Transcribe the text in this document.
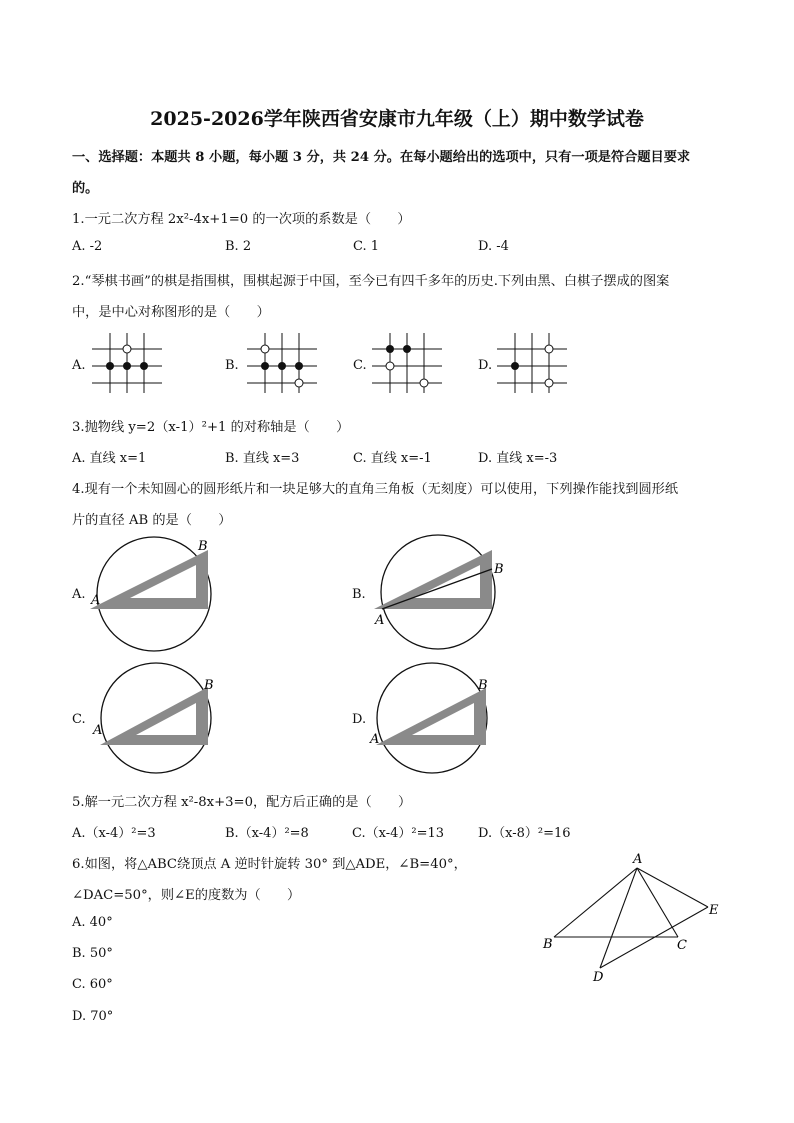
2025-2026学年陕西省安康市九年级（上）期中数学试卷
一、选择题：本题共 8 小题，每小题 3 分，共 24 分。在每小题给出的选项中，只有一项是符合题目要求
的。
1.一元二次方程 2x²-4x+1=0 的一次项的系数是（　　）
A. -2	B. 2	C. 1	D. -4
2.“琴棋书画”的棋是指围棋，围棋起源于中国，至今已有四千多年的历史.下列由黑、白棋子摆成的图案
中，是中心对称图形的是（　　）
A.	B.	C.	D.
3.抛物线 y=2（x-1）²+1 的对称轴是（　　）
A. 直线 x=1	B. 直线 x=3	C. 直线 x=-1	D. 直线 x=-3
4.现有一个未知圆心的圆形纸片和一块足够大的直角三角板（无刻度）可以使用，下列操作能找到圆形纸
片的直径 AB 的是（　　）
A.	B.
C.	D.
A
B
A
B
A
B
A
B
5.解一元二次方程 x²-8x+3=0，配方后正确的是（　　）
A.（x-4）²=3	B.（x-4）²=8	C.（x-4）²=13	D.（x-8）²=16
6.如图，将△ABC绕顶点 A 逆时针旋转 30° 到△ADE，∠B=40°，
∠DAC=50°，则∠E的度数为（　　）
A. 40°
B. 50°
C. 60°
D. 70°
A
B	C
D
E
